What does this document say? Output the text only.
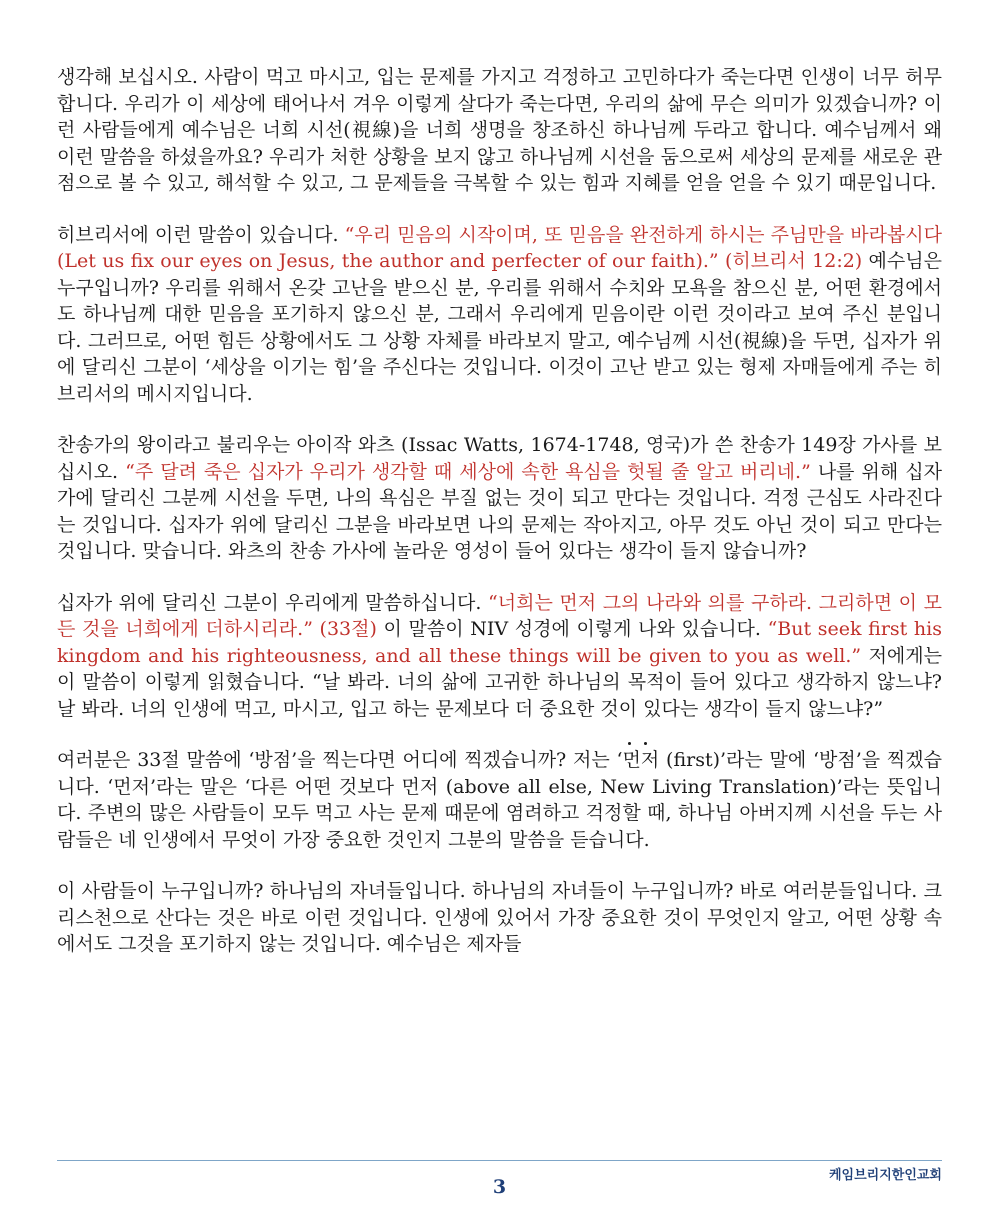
생각해 보십시오. 사람이 먹고 마시고, 입는 문제를 가지고 걱정하고 고민하다가 죽는다면 인생이 너무 허무합니다. 우리가 이 세상에 태어나서 겨우 이렇게 살다가 죽는다면, 우리의 삶에 무슨 의미가 있겠습니까? 이런 사람들에게 예수님은 너희 시선(視線)을 너희 생명을 창조하신 하나님께 두라고 합니다. 예수님께서 왜 이런 말씀을 하셨을까요? 우리가 처한 상황을 보지 않고 하나님께 시선을 둠으로써 세상의 문제를 새로운 관점으로 볼 수 있고, 해석할 수 있고, 그 문제들을 극복할 수 있는 힘과 지혜를 얻을 얻을 수 있기 때문입니다.

히브리서에 이런 말씀이 있습니다. “우리 믿음의 시작이며, 또 믿음을 완전하게 하시는 주님만을 바라봅시다 (Let us fix our eyes on Jesus, the author and perfecter of our faith).” (히브리서 12:2) 예수님은 누구입니까? 우리를 위해서 온갖 고난을 받으신 분, 우리를 위해서 수치와 모욕을 참으신 분, 어떤 환경에서도 하나님께 대한 믿음을 포기하지 않으신 분, 그래서 우리에게 믿음이란 이런 것이라고 보여 주신 분입니다. 그러므로, 어떤 힘든 상황에서도 그 상황 자체를 바라보지 말고, 예수님께 시선(視線)을 두면, 십자가 위에 달리신 그분이 ‘세상을 이기는 힘’을 주신다는 것입니다. 이것이 고난 받고 있는 형제 자매들에게 주는 히브리서의 메시지입니다.

찬송가의 왕이라고 불리우는 아이작 와츠 (Issac Watts, 1674-1748, 영국)가 쓴 찬송가 149장 가사를 보십시오. “주 달려 죽은 십자가 우리가 생각할 때 세상에 속한 욕심을 헛될 줄 알고 버리네.” 나를 위해 십자가에 달리신 그분께 시선을 두면, 나의 욕심은 부질 없는 것이 되고 만다는 것입니다. 걱정 근심도 사라진다는 것입니다. 십자가 위에 달리신 그분을 바라보면 나의 문제는 작아지고, 아무 것도 아닌 것이 되고 만다는 것입니다. 맞습니다. 와츠의 찬송 가사에 놀라운 영성이 들어 있다는 생각이 들지 않습니까?

십자가 위에 달리신 그분이 우리에게 말씀하십니다. “너희는 먼저 그의 나라와 의를 구하라. 그리하면 이 모든 것을 너희에게 더하시리라.” (33절) 이 말씀이 NIV 성경에 이렇게 나와 있습니다. “But seek first his kingdom and his righteousness, and all these things will be given to you as well.” 저에게는 이 말씀이 이렇게 읽혔습니다. “날 봐라. 너의 삶에 고귀한 하나님의 목적이 들어 있다고 생각하지 않느냐? 날 봐라. 너의 인생에 먹고, 마시고, 입고 하는 문제보다 더 중요한 것이 있다는 생각이 들지 않느냐?”

여러분은 33절 말씀에 ‘방점’을 찍는다면 어디에 찍겠습니까? 저는 ‘먼저 (first)’라는 말에 ‘방점’을 찍겠습니다. ‘먼저’라는 말은 ‘다른 어떤 것보다 먼저 (above all else, New Living Translation)’라는 뜻입니다. 주변의 많은 사람들이 모두 먹고 사는 문제 때문에 염려하고 걱정할 때, 하나님 아버지께 시선을 두는 사람들은 네 인생에서 무엇이 가장 중요한 것인지 그분의 말씀을 듣습니다.

이 사람들이 누구입니까? 하나님의 자녀들입니다. 하나님의 자녀들이 누구입니까? 바로 여러분들입니다. 크리스천으로 산다는 것은 바로 이런 것입니다. 인생에 있어서 가장 중요한 것이 무엇인지 알고, 어떤 상황 속에서도 그것을 포기하지 않는 것입니다. 예수님은 제자들

케임브리지한인교회
3
